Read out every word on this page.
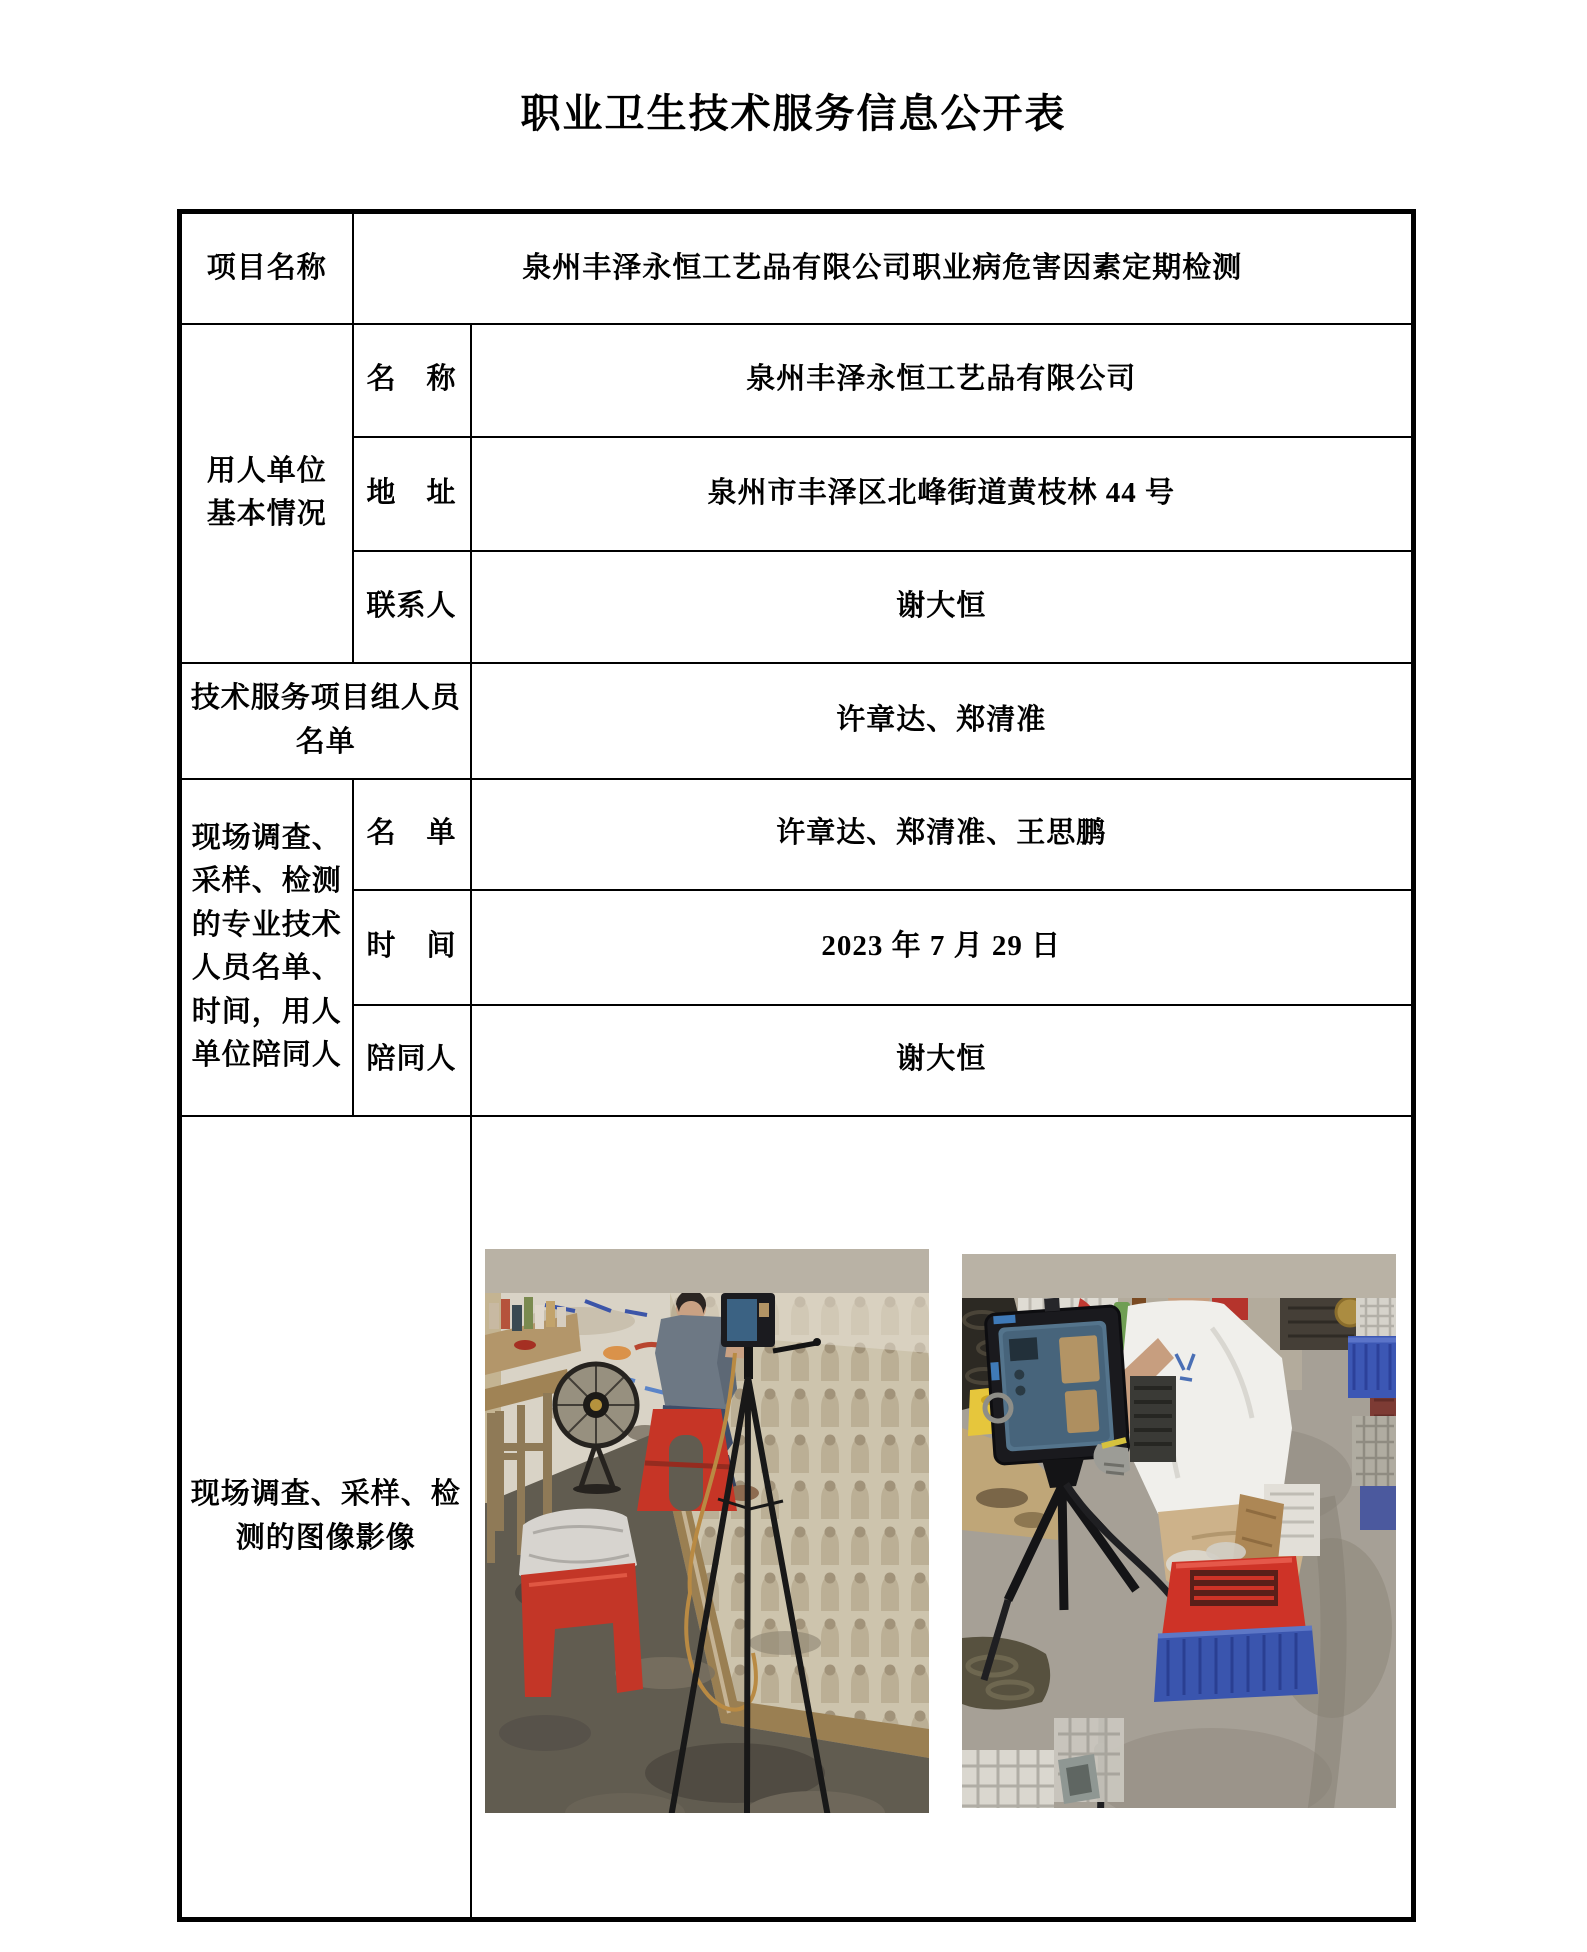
职业卫生技术服务信息公开表
项目名称	泉州丰泽永恒工艺品有限公司职业病危害因素定期检测	
用人单位
基本情况	名　称	泉州丰泽永恒工艺品有限公司
	地　址	泉州市丰泽区北峰街道黄枝林 44 号
	联系人	谢大恒
技术服务项目组人员
名单		许章达、郑清准
现场调查、
采样、检测
的专业技术
人员名单、
时间，用人
单位陪同人	名　单	许章达、郑清准、王思鹏
	时　间	2023 年 7 月 29 日
	陪同人	谢大恒
现场调查、采样、检
测的图像影像	
